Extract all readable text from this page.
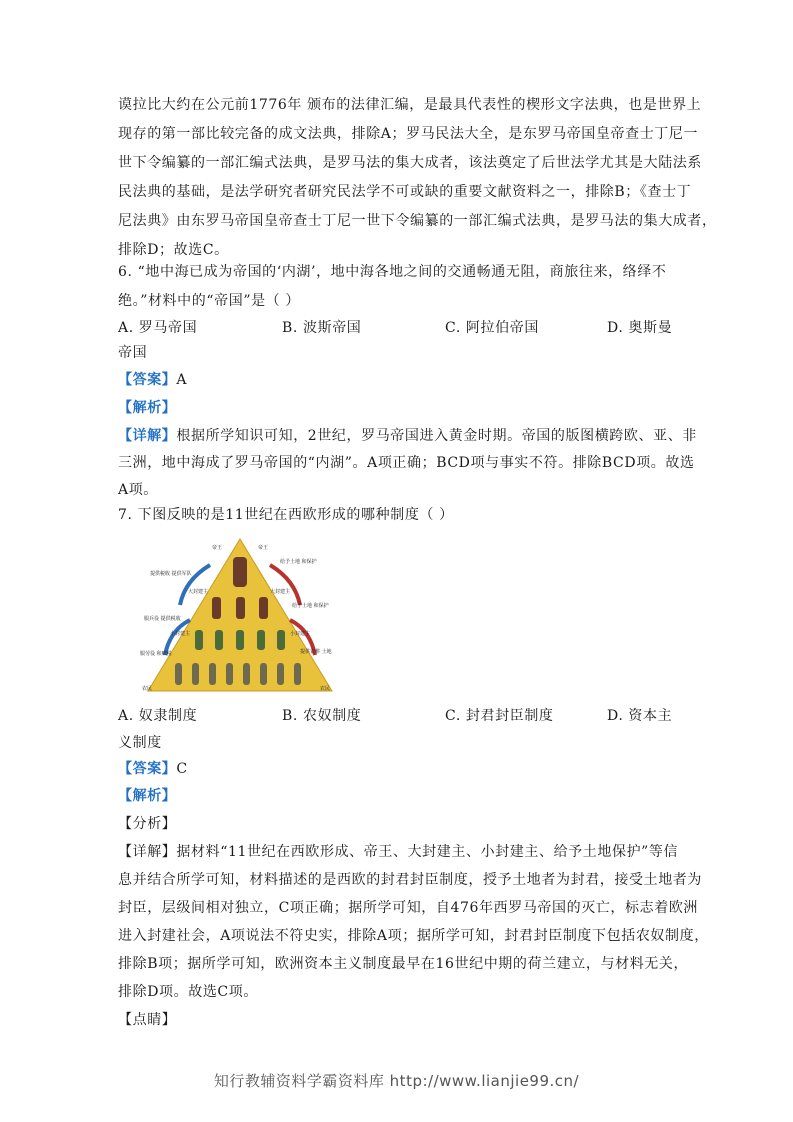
谟拉比大约在公元前1776年 颁布的法律汇编，是最具代表性的楔形文字法典，也是世界上
现存的第一部比较完备的成文法典，排除A；罗马民法大全，是东罗马帝国皇帝查士丁尼一
世下令编纂的一部汇编式法典，是罗马法的集大成者，该法奠定了后世法学尤其是大陆法系
民法典的基础，是法学研究者研究民法学不可或缺的重要文献资料之一，排除B；《查士丁
尼法典》由东罗马帝国皇帝查士丁尼一世下令编纂的一部汇编式法典，是罗马法的集大成者，
排除D；故选C。
6. “地中海已成为帝国的‘内湖’，地中海各地之间的交通畅通无阻，商旅往来，络绎不
绝。”材料中的“帝国”是（ ）
A. 罗马帝国	B. 波斯帝国	C. 阿拉伯帝国	D. 奥斯曼
帝国
【答案】A
【解析】
【详解】根据所学知识可知，2世纪，罗马帝国进入黄金时期。帝国的版图横跨欧、亚、非
三洲，地中海成了罗马帝国的“内湖”。A项正确；BCD项与事实不符。排除BCD项。故选
A项。
7. 下图反映的是11世纪在西欧形成的哪种制度（ ）
帝王	帝王
提供税收 提供军队
服兵役 提供税收
服劳役 和赋税
大封建主	大封建主
小封建主	小封建主
给予土地 和保护
给予土地 和保护
提供农耕 土地
农民	农民
A. 奴隶制度	B. 农奴制度	C. 封君封臣制度	D. 资本主
义制度
【答案】C
【解析】
【分析】
【详解】据材料“11世纪在西欧形成、帝王、大封建主、小封建主、给予土地保护”等信
息并结合所学可知，材料描述的是西欧的封君封臣制度，授予土地者为封君，接受土地者为
封臣，层级间相对独立，C项正确；据所学可知，自476年西罗马帝国的灭亡，标志着欧洲
进入封建社会，A项说法不符史实，排除A项；据所学可知，封君封臣制度下包括农奴制度，
排除B项；据所学可知，欧洲资本主义制度最早在16世纪中期的荷兰建立，与材料无关，
排除D项。故选C项。
【点睛】
知行教辅资料学霸资料库 http://www.lianjie99.cn/
